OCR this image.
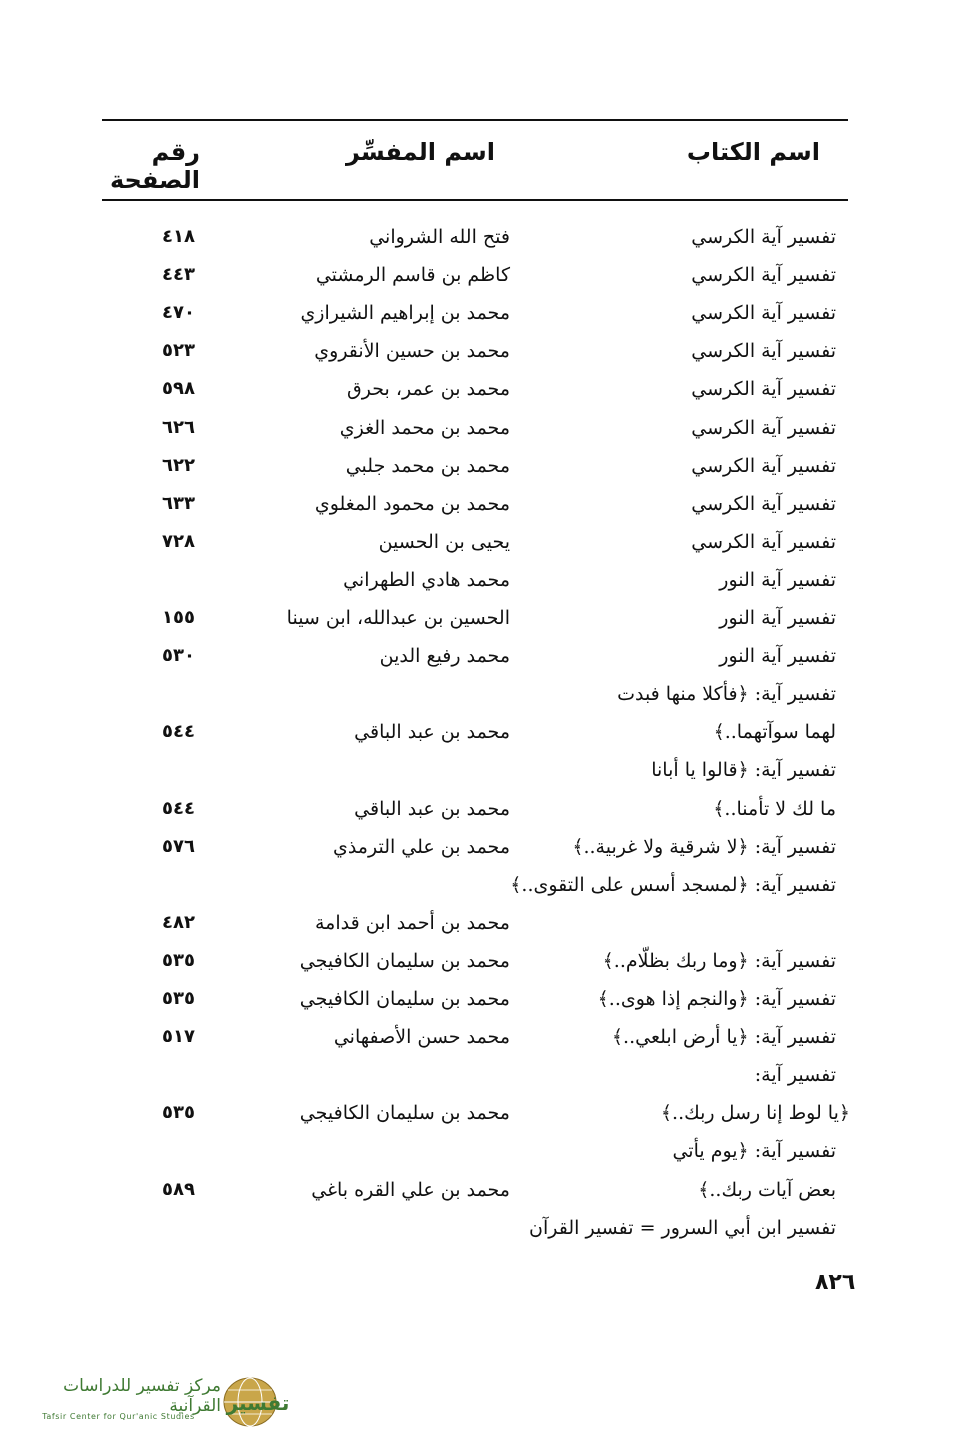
اسم الكتاب
اسم المفسِّر
رقم الصفحة
تفسير آية الكرسي
فتح الله الشرواني
٤١٨
تفسير آية الكرسي
كاظم بن قاسم الرمشتي
٤٤٣
تفسير آية الكرسي
محمد بن إبراهيم الشيرازي
٤٧٠
تفسير آية الكرسي
محمد بن حسين الأنقروي
٥٢٣
تفسير آية الكرسي
محمد بن عمر، بحرق
٥٩٨
تفسير آية الكرسي
محمد بن محمد الغزي
٦٢٦
تفسير آية الكرسي
محمد بن محمد جلبي
٦٢٢
تفسير آية الكرسي
محمد بن محمود المغلوي
٦٣٣
تفسير آية الكرسي
يحيى بن الحسين
٧٢٨
تفسير آية النور
محمد هادي الطهراني
تفسير آية النور
الحسين بن عبدالله، ابن سينا
١٥٥
تفسير آية النور
محمد رفيع الدين
٥٣٠
تفسير آية: ﴿فأكلا منها فبدت
لهما سوآتهما..﴾
محمد بن عبد الباقي
٥٤٤
تفسير آية: ﴿قالوا يا أبانا
ما لك لا تأمنا..﴾
محمد بن عبد الباقي
٥٤٤
تفسير آية: ﴿لا شرقية ولا غربية..﴾
محمد بن علي الترمذي
٥٧٦
تفسير آية: ﴿لمسجد أسس على التقوى..﴾
محمد بن أحمد ابن قدامة
٤٨٢
تفسير آية: ﴿وما ربك بظلّام..﴾
محمد بن سليمان الكافيجي
٥٣٥
تفسير آية: ﴿والنجم إذا هوى..﴾
محمد بن سليمان الكافيجي
٥٣٥
تفسير آية: ﴿يا أرض ابلعي..﴾
محمد حسن الأصفهاني
٥١٧
تفسير آية:
﴿يا لوط إنا رسل ربك..﴾
محمد بن سليمان الكافيجي
٥٣٥
تفسير آية: ﴿يوم يأتي
بعض آيات ربك..﴾
محمد بن علي القره باغي
٥٨٩
تفسير ابن أبي السرور = تفسير القرآن
٨٢٦
مركز تفسير للدراسات القرآنية
Tafsir Center for Qur'anic Studies
تفسير
